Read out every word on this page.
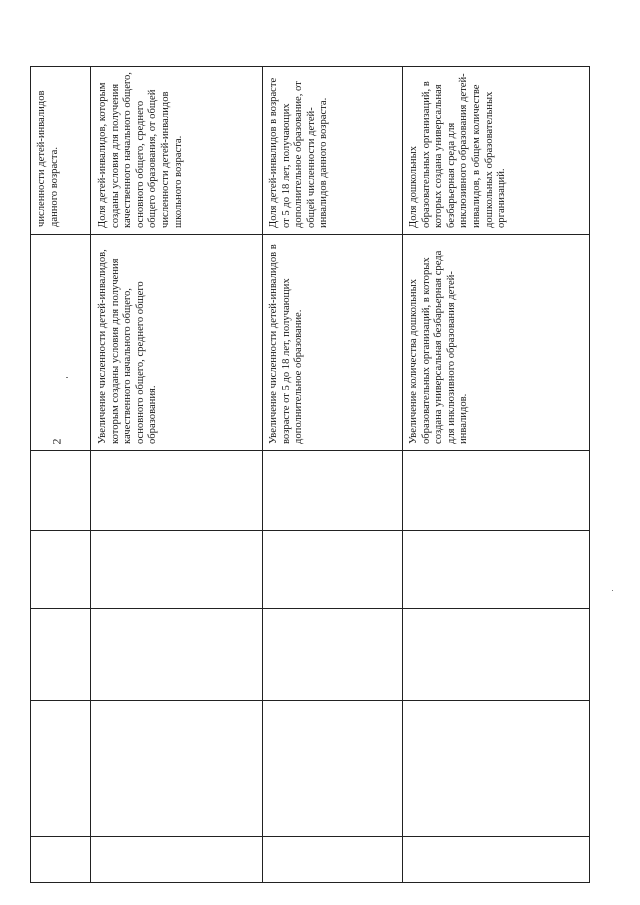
2
численности детей-инвалидов данного возраста.	Доля детей-инвалидов, которым созданы условия для получения качественного начального общего, основного общего, среднего общего образования, от общей численности детей-инвалидов школьного возраста.
Увеличение численности детей-инвалидов, которым созданы условия для получения качественного начального общего, основного общего, среднего общего образования.
Доля детей-инвалидов в возрасте от 5 до 18 лет, получающих дополнительное образование, от общей численности детей-инвалидов данного возраста.
Увеличение численности детей-инвалидов в возрасте от 5 до 18 лет, получающих дополнительное образование.
Доля дошкольных образовательных организаций, в которых создана универсальная безбарьерная среда для инклюзивного образования детей-инвалидов, в общем количестве дошкольных образовательных организаций.
Увеличение количества дошкольных образовательных организаций, в которых создана универсальная безбарьерная среда для инклюзивного образования детей-инвалидов.
